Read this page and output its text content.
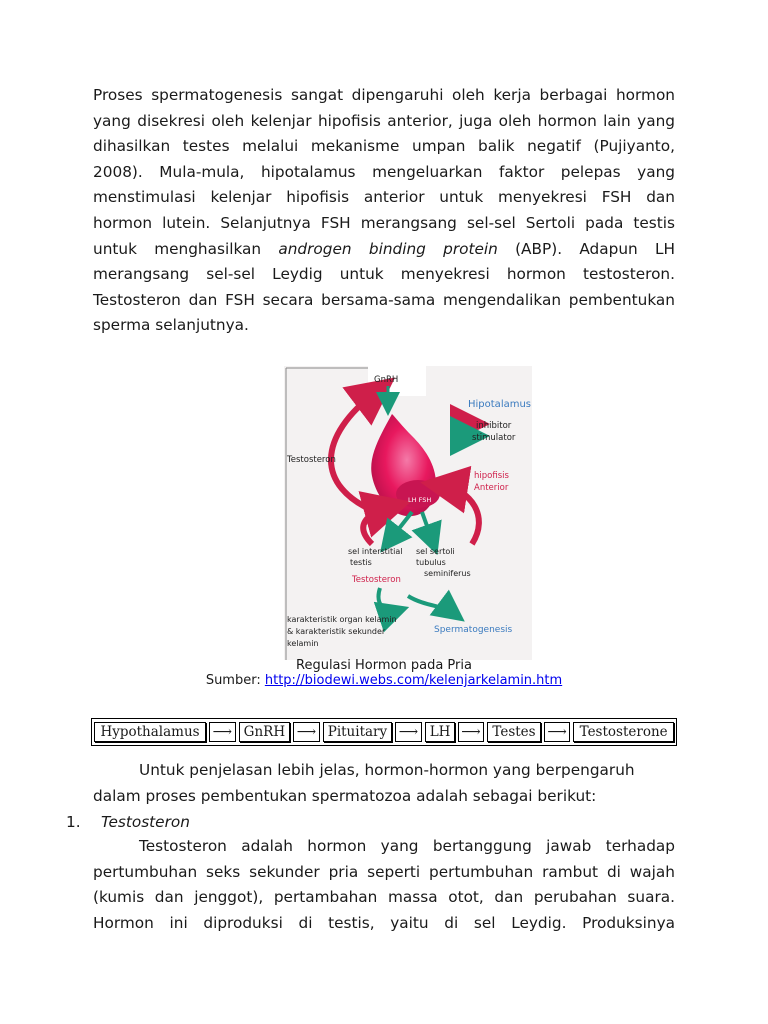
Proses spermatogenesis sangat dipengaruhi oleh kerja berbagai hormon
yang disekresi oleh kelenjar hipofisis anterior, juga oleh hormon lain yang
dihasilkan testes melalui mekanisme umpan balik negatif (Pujiyanto,
2008). Mula-mula, hipotalamus mengeluarkan faktor pelepas yang
menstimulasi kelenjar hipofisis anterior untuk menyekresi FSH dan
hormon lutein. Selanjutnya FSH merangsang sel-sel Sertoli pada testis
untuk menghasilkan androgen binding protein (ABP). Adapun LH
merangsang sel-sel Leydig untuk menyekresi hormon testosteron.
Testosteron dan FSH secara bersama-sama mengendalikan pembentukan
sperma selanjutnya.
GnRH
Hipotalamus
inhibitor
stimulator
Testosteron
hipofisis
Anterior
LH FSH
sel interstitial
testis
sel sertoli
tubulus
seminiferus
Testosteron
karakteristik organ kelamin
& karakteristik sekunder
kelamin
Spermatogenesis
Regulasi Hormon pada Pria
Sumber: http://biodewi.webs.com/kelenjarkelamin.htm
Hypothalamus ⟶ GnRH ⟶ Pituitary ⟶ LH ⟶ Testes ⟶ Testosterone
Untuk penjelasan lebih jelas, hormon-hormon yang berpengaruh
dalam proses pembentukan spermatozoa adalah sebagai berikut:
1. Testosteron
Testosteron adalah hormon yang bertanggung jawab terhadap
pertumbuhan seks sekunder pria seperti pertumbuhan rambut di wajah
(kumis dan jenggot), pertambahan massa otot, dan perubahan suara.
Hormon ini diproduksi di testis, yaitu di sel Leydig. Produksinya
